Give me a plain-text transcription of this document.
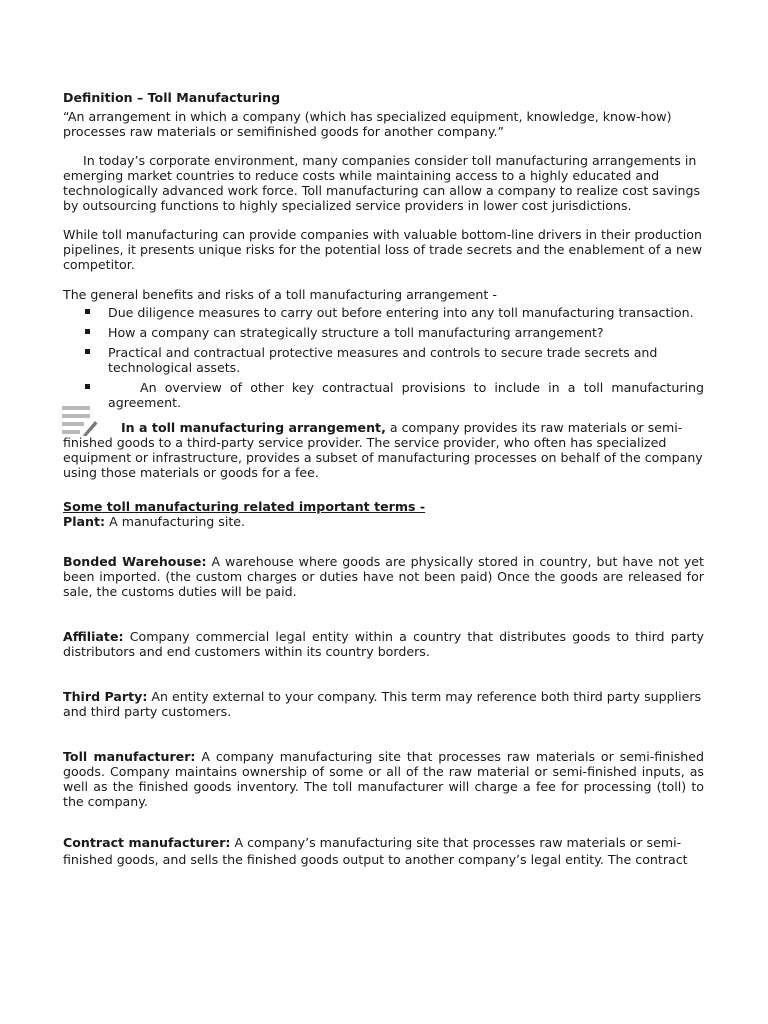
Definition – Toll Manufacturing

“An arrangement in which a company (which has specialized equipment, knowledge, know-how) processes raw materials or semifinished goods for another company.”

In today’s corporate environment, many companies consider toll manufacturing arrangements in emerging market countries to reduce costs while maintaining access to a highly educated and technologically advanced work force. Toll manufacturing can allow a company to realize cost savings by outsourcing functions to highly specialized service providers in lower cost jurisdictions.

While toll manufacturing can provide companies with valuable bottom-line drivers in their production pipelines, it presents unique risks for the potential loss of trade secrets and the enablement of a new competitor.

The general benefits and risks of a toll manufacturing arrangement -

Due diligence measures to carry out before entering into any toll manufacturing transaction.
How a company can strategically structure a toll manufacturing arrangement?
Practical and contractual protective measures and controls to secure trade secrets and technological assets.
An overview of other key contractual provisions to include in a toll manufacturing agreement.

In a toll manufacturing arrangement, a company provides its raw materials or semi-finished goods to a third-party service provider. The service provider, who often has specialized equipment or infrastructure, provides a subset of manufacturing processes on behalf of the company using those materials or goods for a fee.

Some toll manufacturing related important terms -

Plant: A manufacturing site.

Bonded Warehouse: A warehouse where goods are physically stored in country, but have not yet been imported. (the custom charges or duties have not been paid) Once the goods are released for sale, the customs duties will be paid.

Affiliate: Company commercial legal entity within a country that distributes goods to third party distributors and end customers within its country borders.

Third Party: An entity external to your company. This term may reference both third party suppliers and third party customers.

Toll manufacturer: A company manufacturing site that processes raw materials or semi-finished goods. Company maintains ownership of some or all of the raw material or semi-finished inputs, as well as the finished goods inventory. The toll manufacturer will charge a fee for processing (toll) to the company.

Contract manufacturer: A company’s manufacturing site that processes raw materials or semi-finished goods, and sells the finished goods output to another company’s legal entity. The contract
